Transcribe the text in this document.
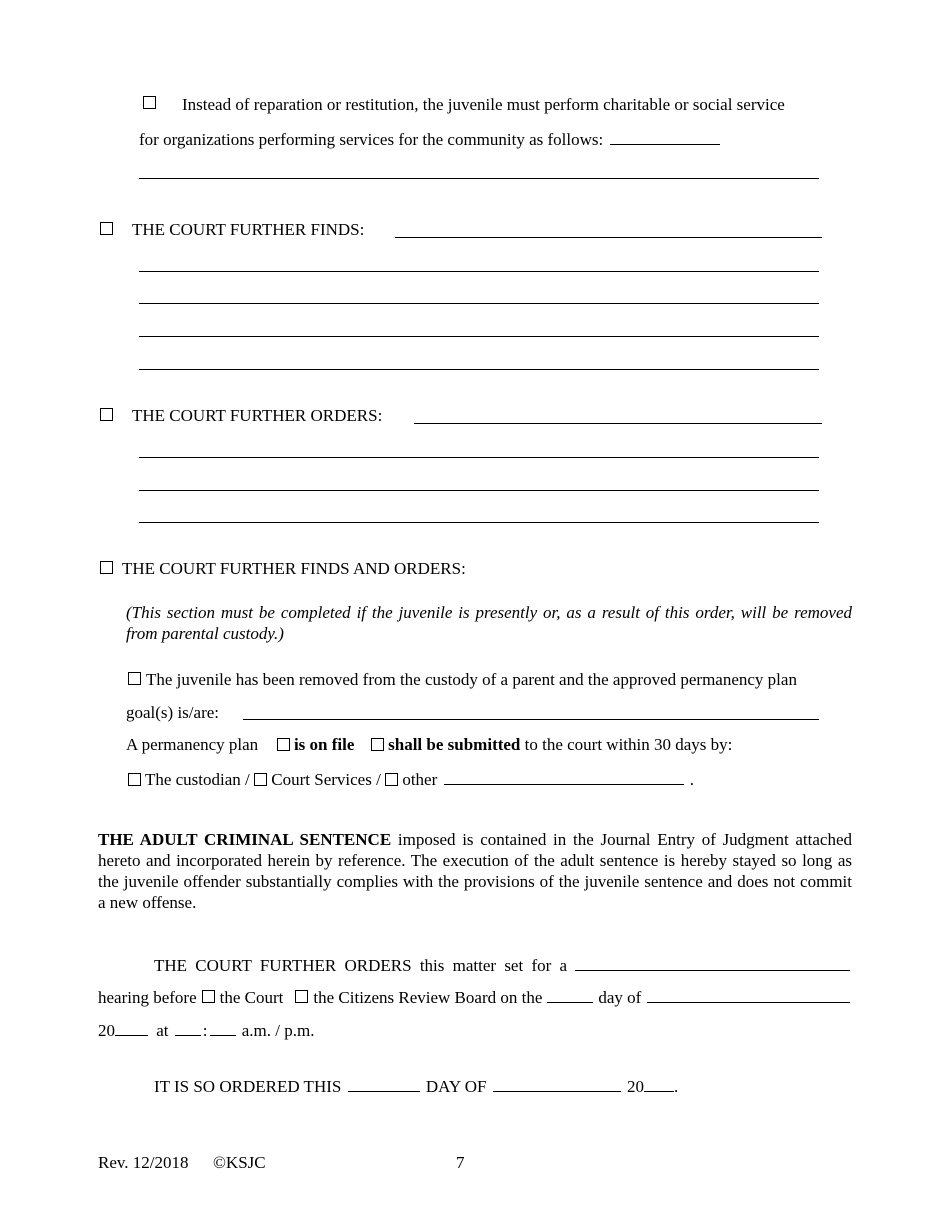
Instead of reparation or restitution, the juvenile must perform charitable or social service
for organizations performing services for the community as follows:
THE COURT FURTHER FINDS:
THE COURT FURTHER ORDERS:
THE COURT FURTHER FINDS AND ORDERS:
(This section must be completed if the juvenile is presently or, as a result of this order, will be removed from parental custody.)
The juvenile has been removed from the custody of a parent and the approved permanency plan
goal(s) is/are:
A permanency plan is on file shall be submitted to the court within 30 days by:
The custodian / Court Services / other	.
THE ADULT CRIMINAL SENTENCE imposed is contained in the Journal Entry of Judgment attached hereto and incorporated herein by reference. The execution of the adult sentence is hereby stayed so long as the juvenile offender substantially complies with the provisions of the juvenile sentence and does not commit a new offense.
THE COURT FURTHER ORDERS this matter set for a
hearing before the Court the Citizens Review Board on the	day of
20 at : a.m. / p.m.
IT IS SO ORDERED THIS	DAY OF	20 .
Rev. 12/2018 ©KSJC	7
